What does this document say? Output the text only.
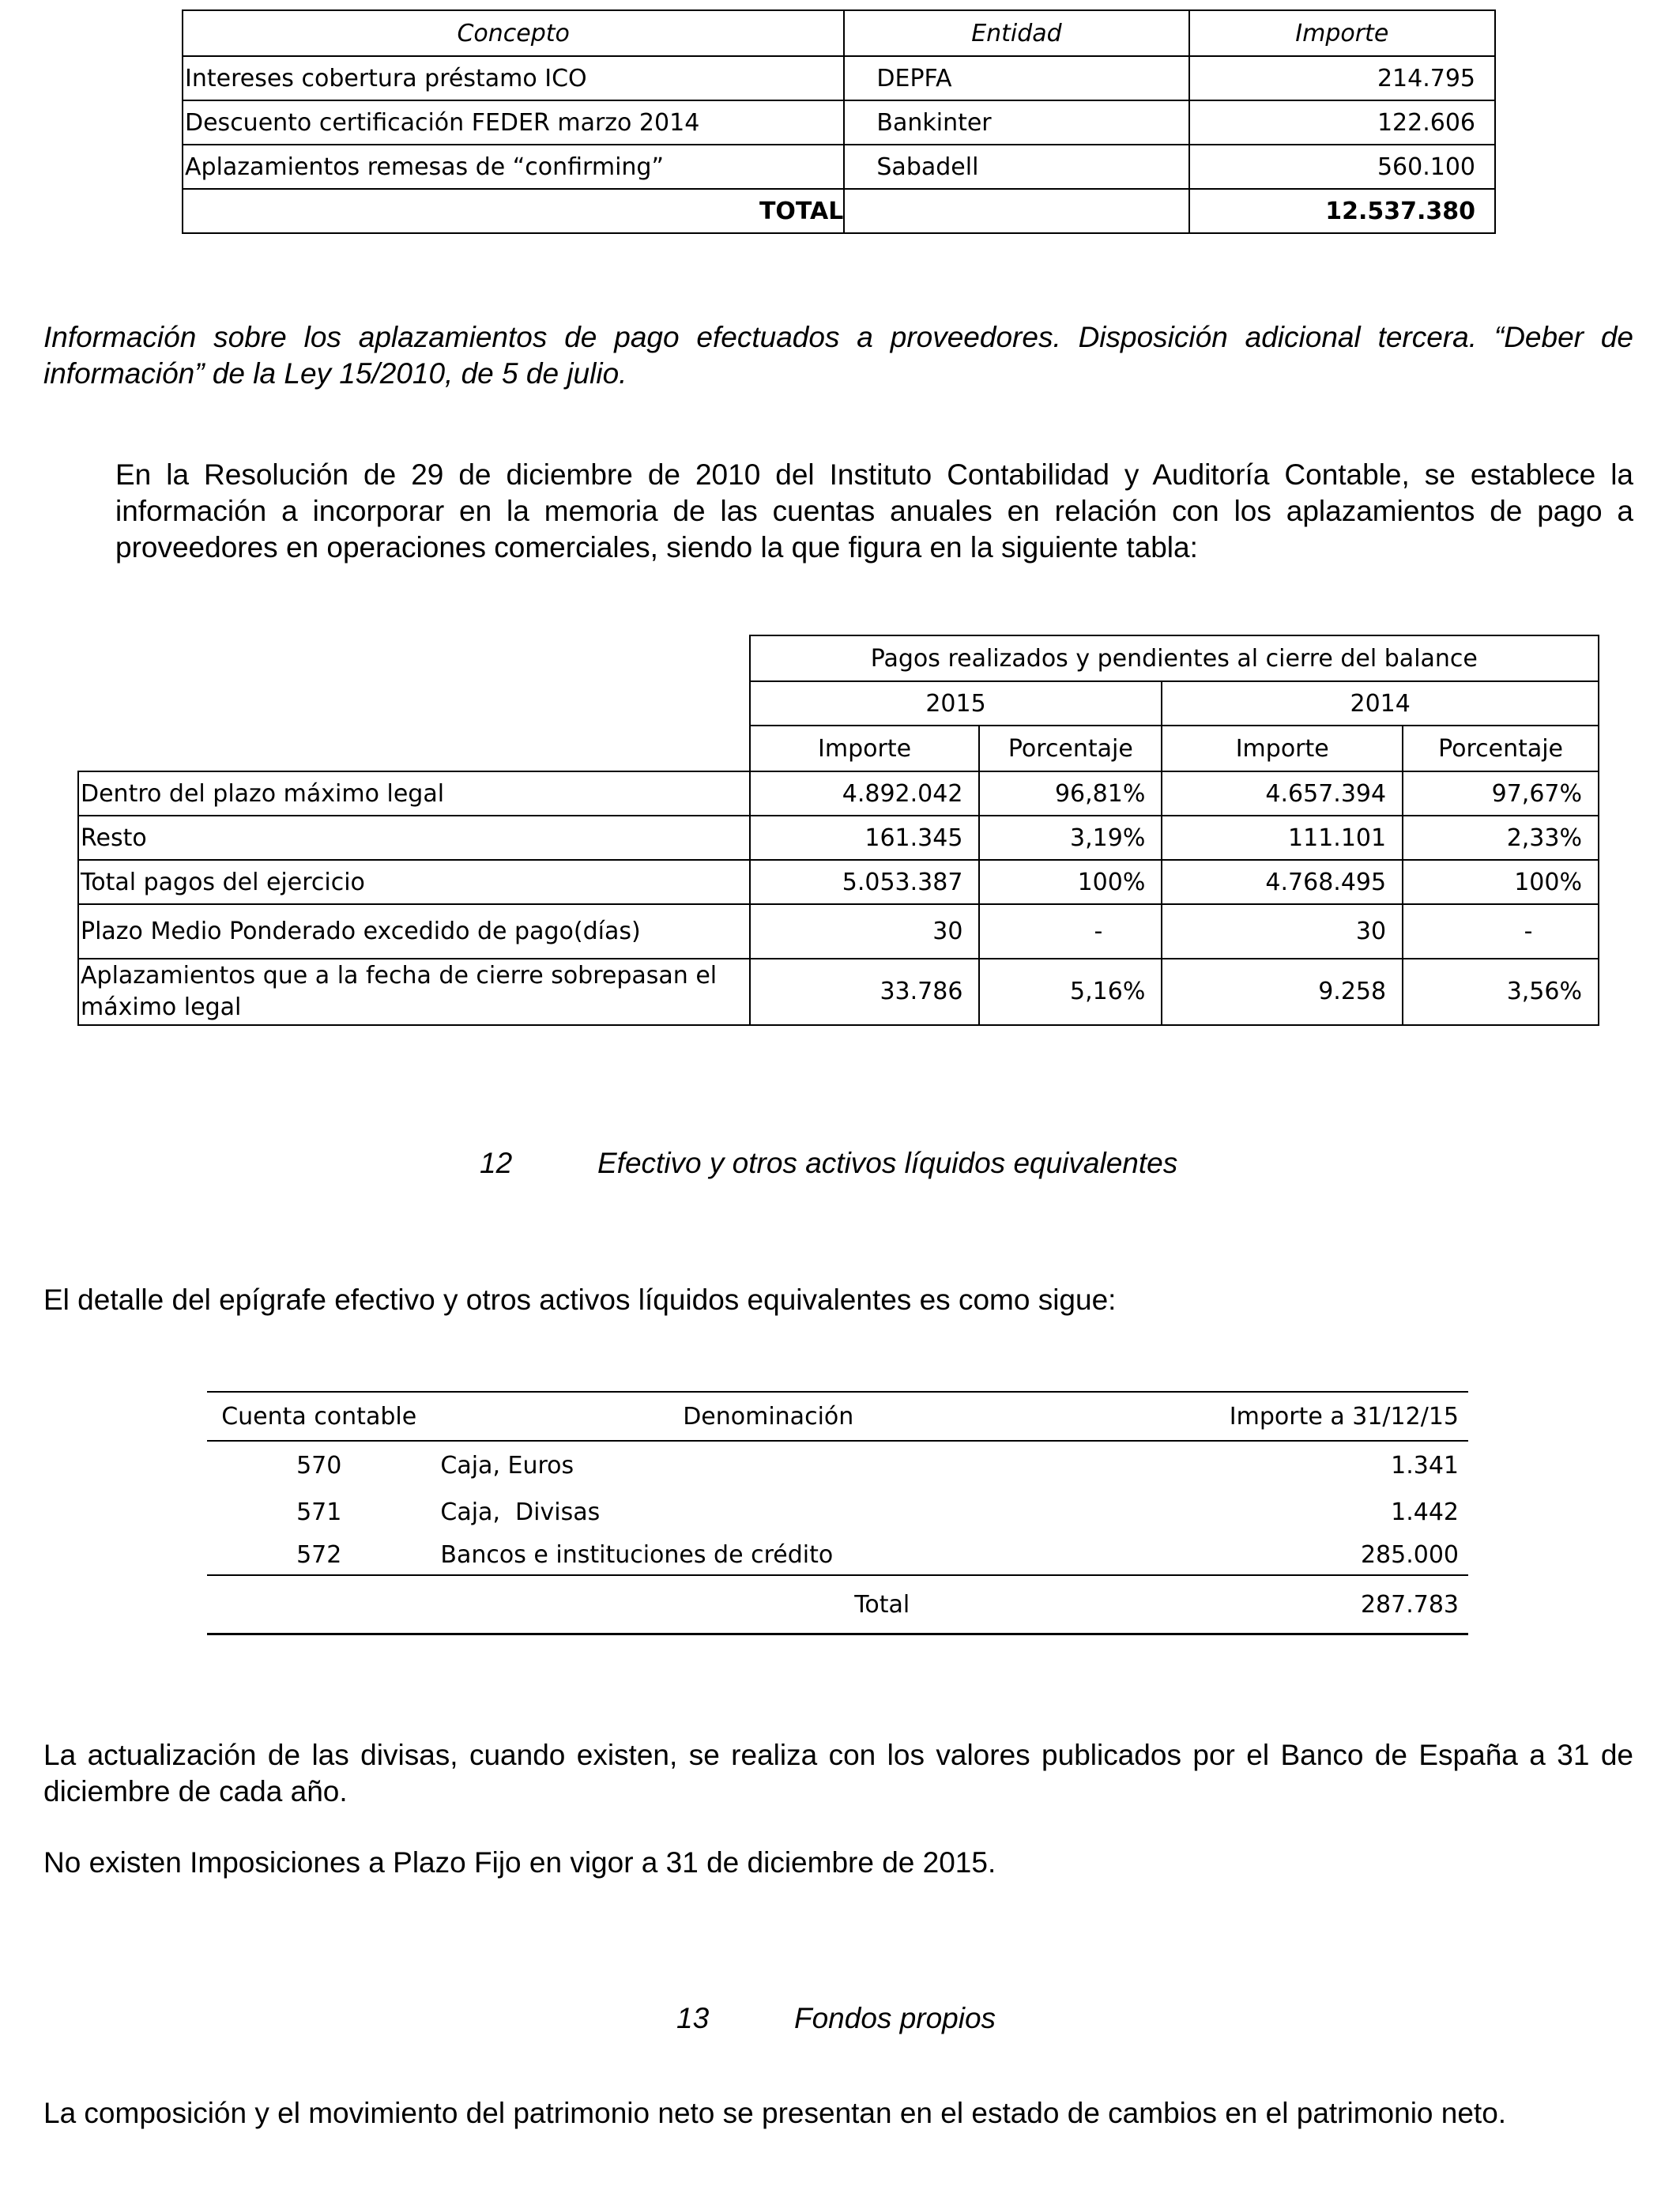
Concepto	Entidad	Importe
Intereses cobertura préstamo ICO	DEPFA	214.795
Descuento certificación FEDER marzo 2014	Bankinter	122.606
Aplazamientos remesas de “confirming”	Sabadell	560.100
TOTAL		12.537.380
Información sobre los aplazamientos de pago efectuados a proveedores. Disposición adicional tercera. “Deber de
información” de la Ley 15/2010, de 5 de julio.
En la Resolución de 29 de diciembre de 2010 del Instituto Contabilidad y Auditoría Contable, se establece la
información a incorporar en la memoria de las cuentas anuales en relación con los aplazamientos de pago a
proveedores en operaciones comerciales, siendo la que figura en la siguiente tabla:
	Pagos realizados y pendientes al cierre del balance			
	2015		2014	
	Importe	Porcentaje	Importe	Porcentaje
Dentro del plazo máximo legal	4.892.042	96,81%	4.657.394	97,67%
Resto	161.345	3,19%	111.101	2,33%
Total pagos del ejercicio	5.053.387	100%	4.768.495	100%
Plazo Medio Ponderado excedido de pago(días)	30	-	30	-

Aplazamientos que a la fecha de cierre sobrepasan el
máximo legal	33.786	5,16%	9.258	3,56%
12	Efectivo y otros activos líquidos equivalentes
El detalle del epígrafe efectivo y otros activos líquidos equivalentes es como sigue:
Cuenta contable	Denominación	Importe a 31/12/15
570	Caja, Euros	1.341
571	Caja,  Divisas	1.442
572	Bancos e instituciones de crédito	285.000
	Total	287.783
La actualización de las divisas, cuando existen, se realiza con los valores publicados por el Banco de España a 31 de
diciembre de cada año.
No existen Imposiciones a Plazo Fijo en vigor a 31 de diciembre de 2015.
13	Fondos propios
La composición y el movimiento del patrimonio neto se presentan en el estado de cambios en el patrimonio neto.
